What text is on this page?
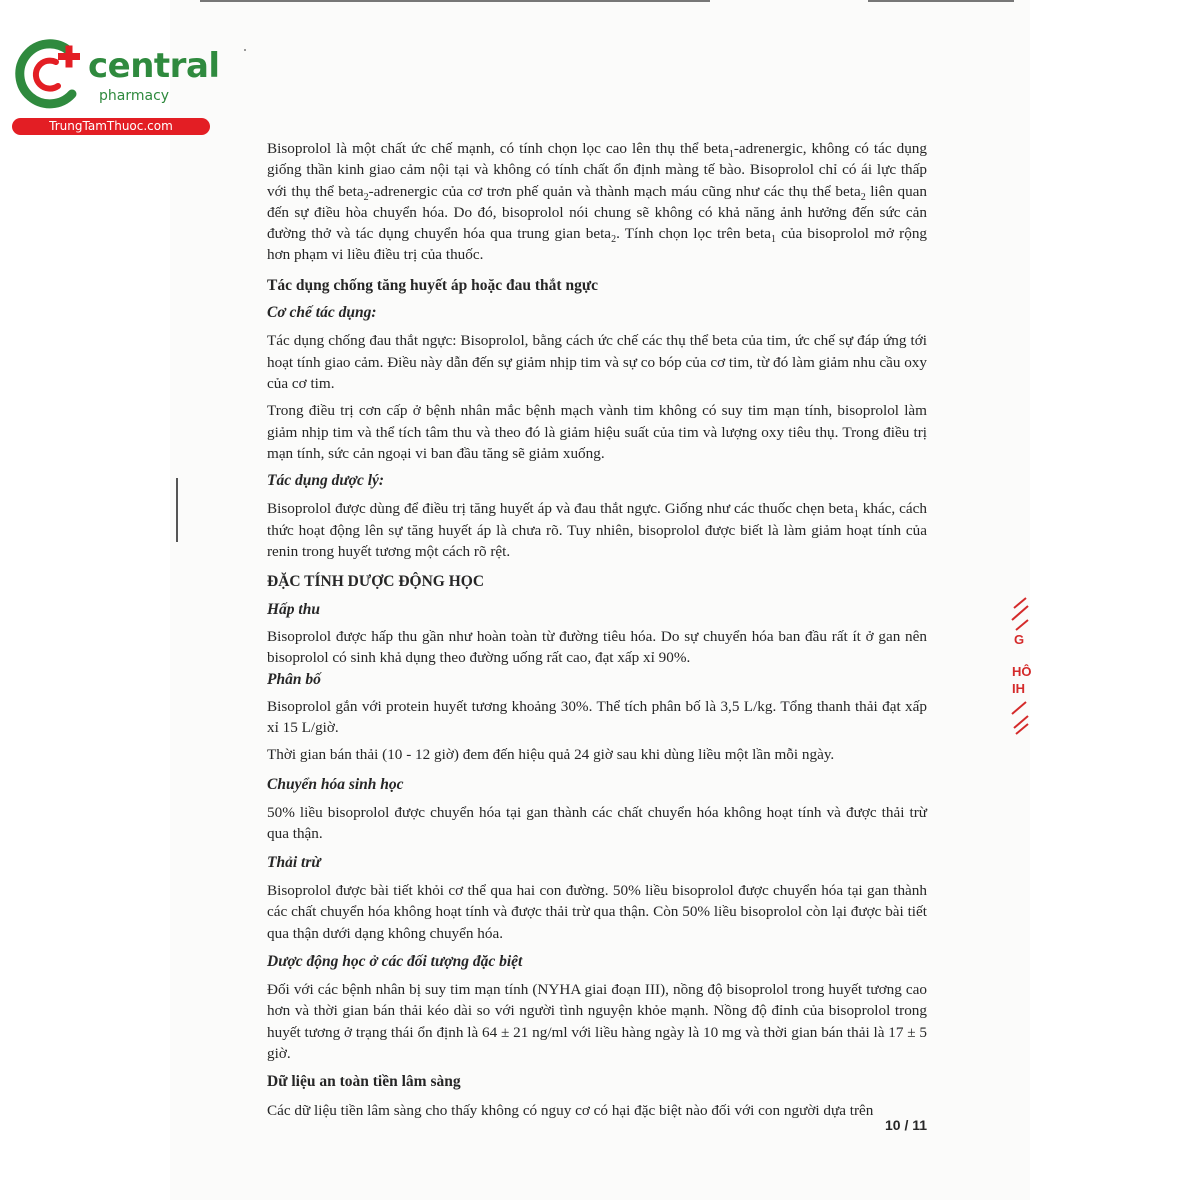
central
pharmacy
TrungTamThuoc.com
G
HÔ
IH

Bisoprolol là một chất ức chế mạnh, có tính chọn lọc cao lên thụ thể beta$_1$-adrenergic, không có tác dụng giống thần kinh giao cảm nội tại và không có tính chất ổn định màng tế bào. Bisoprolol chỉ có ái lực thấp với thụ thể beta$_2$-adrenergic của cơ trơn phế quản và thành mạch máu cũng như các thụ thể beta$_2$ liên quan đến sự điều hòa chuyển hóa. Do đó, bisoprolol nói chung sẽ không có khả năng ảnh hưởng đến sức cản đường thở và tác dụng chuyển hóa qua trung gian beta$_2$. Tính chọn lọc trên beta$_1$ của bisoprolol mở rộng hơn phạm vi liều điều trị của thuốc.

Tác dụng chống tăng huyết áp hoặc đau thắt ngực

Cơ chế tác dụng:

Tác dụng chống đau thắt ngực: Bisoprolol, bằng cách ức chế các thụ thể beta của tim, ức chế sự đáp ứng tới hoạt tính giao cảm. Điều này dẫn đến sự giảm nhịp tim và sự co bóp của cơ tim, từ đó làm giảm nhu cầu oxy của cơ tim.

Trong điều trị cơn cấp ở bệnh nhân mắc bệnh mạch vành tim không có suy tim mạn tính, bisoprolol làm giảm nhịp tim và thể tích tâm thu và theo đó là giảm hiệu suất của tim và lượng oxy tiêu thụ. Trong điều trị mạn tính, sức cản ngoại vi ban đầu tăng sẽ giảm xuống.

Tác dụng dược lý:

Bisoprolol được dùng để điều trị tăng huyết áp và đau thắt ngực. Giống như các thuốc chẹn beta$_1$ khác, cách thức hoạt động lên sự tăng huyết áp là chưa rõ. Tuy nhiên, bisoprolol được biết là làm giảm hoạt tính của renin trong huyết tương một cách rõ rệt.

ĐẶC TÍNH DƯỢC ĐỘNG HỌC

Hấp thu

Bisoprolol được hấp thu gần như hoàn toàn từ đường tiêu hóa. Do sự chuyển hóa ban đầu rất ít ở gan nên bisoprolol có sinh khả dụng theo đường uống rất cao, đạt xấp xỉ 90%.

Phân bố

Bisoprolol gắn với protein huyết tương khoảng 30%. Thể tích phân bố là 3,5 L/kg. Tổng thanh thải đạt xấp xỉ 15 L/giờ.

Thời gian bán thải (10 - 12 giờ) đem đến hiệu quả 24 giờ sau khi dùng liều một lần mỗi ngày.

Chuyển hóa sinh học

50% liều bisoprolol được chuyển hóa tại gan thành các chất chuyển hóa không hoạt tính và được thải trừ qua thận.

Thải trừ

Bisoprolol được bài tiết khỏi cơ thể qua hai con đường. 50% liều bisoprolol được chuyển hóa tại gan thành các chất chuyển hóa không hoạt tính và được thải trừ qua thận. Còn 50% liều bisoprolol còn lại được bài tiết qua thận dưới dạng không chuyển hóa.

Dược động học ở các đối tượng đặc biệt

Đối với các bệnh nhân bị suy tim mạn tính (NYHA giai đoạn III), nồng độ bisoprolol trong huyết tương cao hơn và thời gian bán thải kéo dài so với người tình nguyện khỏe mạnh. Nồng độ đỉnh của bisoprolol trong huyết tương ở trạng thái ổn định là 64 ± 21 ng/ml với liều hàng ngày là 10 mg và thời gian bán thải là 17 ± 5 giờ.

Dữ liệu an toàn tiền lâm sàng

Các dữ liệu tiền lâm sàng cho thấy không có nguy cơ có hại đặc biệt nào đối với con người dựa trên

10 / 11
